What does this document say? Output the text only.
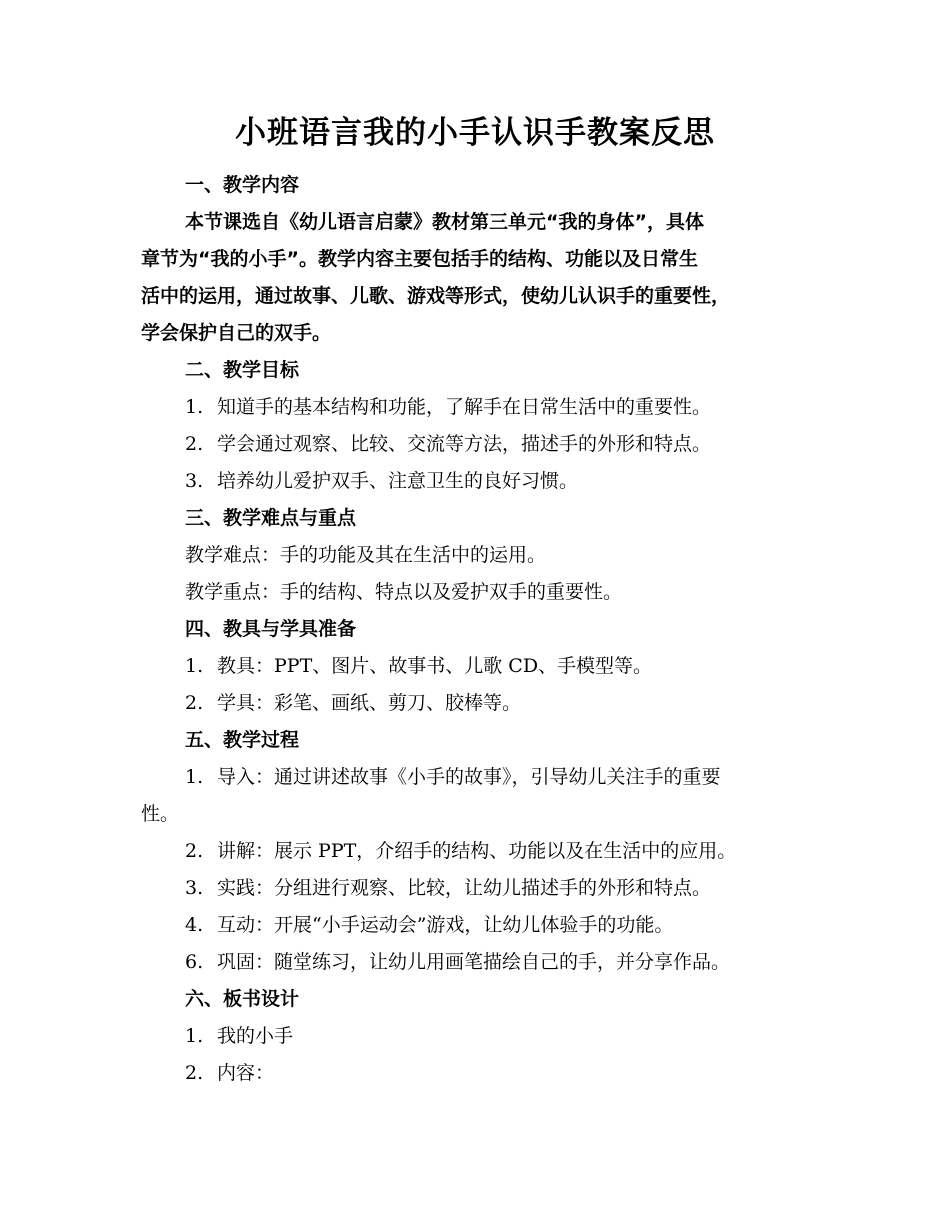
小班语言我的小手认识手教案反思
一、教学内容
本节课选自《幼儿语言启蒙》教材第三单元“我的身体”，具体
章节为“我的小手”。教学内容主要包括手的结构、功能以及日常生
活中的运用，通过故事、儿歌、游戏等形式，使幼儿认识手的重要性，
学会保护自己的双手。
二、教学目标
1. 知道手的基本结构和功能，了解手在日常生活中的重要性。
2. 学会通过观察、比较、交流等方法，描述手的外形和特点。
3. 培养幼儿爱护双手、注意卫生的良好习惯。
三、教学难点与重点
教学难点：手的功能及其在生活中的运用。
教学重点：手的结构、特点以及爱护双手的重要性。
四、教具与学具准备
1. 教具：PPT、图片、故事书、儿歌 CD、手模型等。
2. 学具：彩笔、画纸、剪刀、胶棒等。
五、教学过程
1. 导入：通过讲述故事《小手的故事》，引导幼儿关注手的重要
性。
2. 讲解：展示 PPT，介绍手的结构、功能以及在生活中的应用。
3. 实践：分组进行观察、比较，让幼儿描述手的外形和特点。
4. 互动：开展“小手运动会”游戏，让幼儿体验手的功能。
6. 巩固：随堂练习，让幼儿用画笔描绘自己的手，并分享作品。
六、板书设计
1. 我的小手
2. 内容：
